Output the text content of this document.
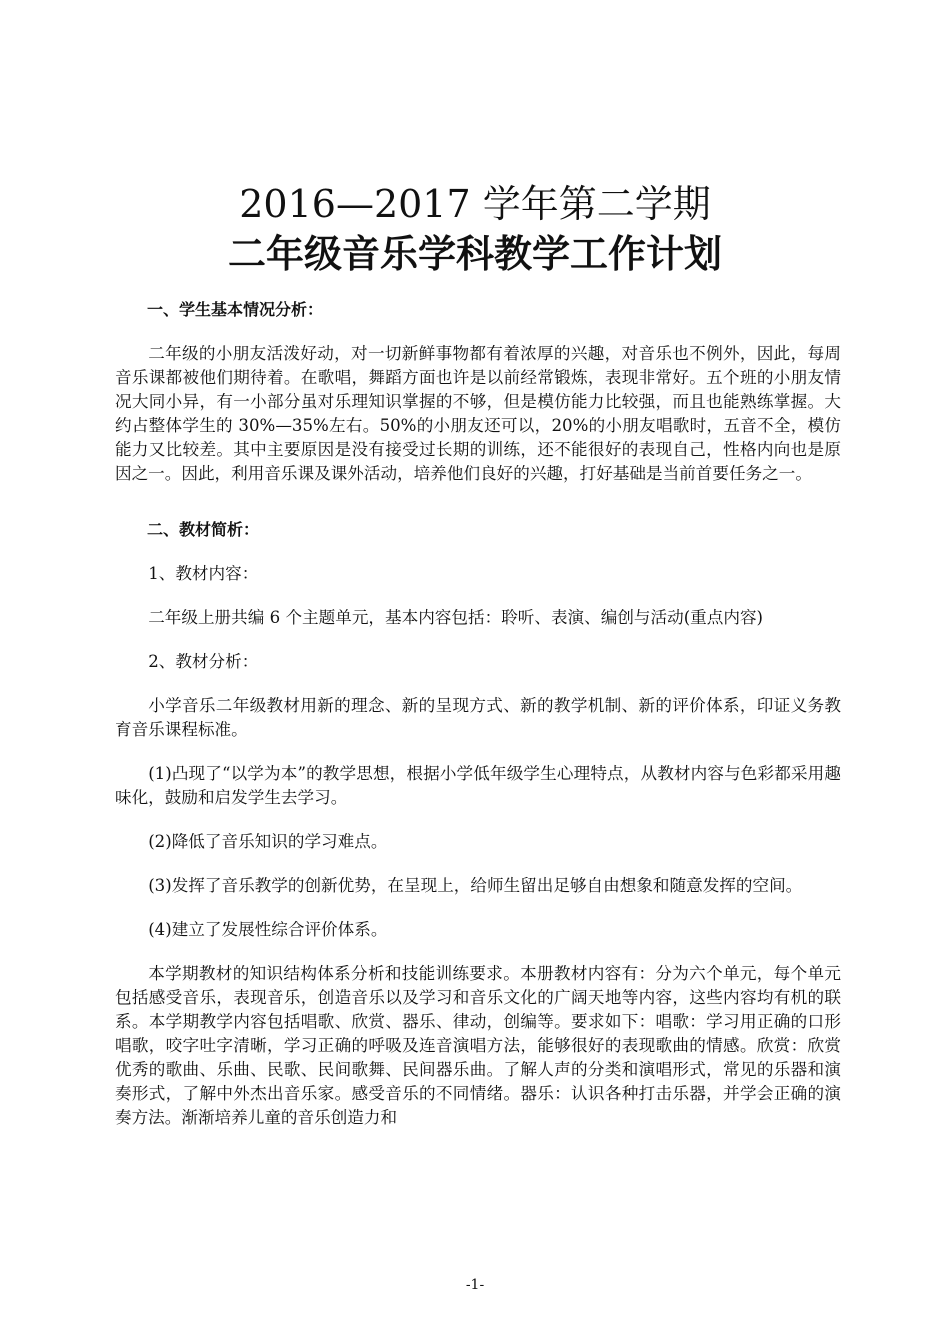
2016—2017 学年第二学期
二年级音乐学科教学工作计划

一、学生基本情况分析：

二年级的小朋友活泼好动，对一切新鲜事物都有着浓厚的兴趣，对音乐也不例外，因此，每周音乐课都被他们期待着。在歌唱，舞蹈方面也许是以前经常锻炼，表现非常好。五个班的小朋友情况大同小异，有一小部分虽对乐理知识掌握的不够，但是模仿能力比较强，而且也能熟练掌握。大约占整体学生的 30%—35%左右。50%的小朋友还可以，20%的小朋友唱歌时，五音不全，模仿能力又比较差。其中主要原因是没有接受过长期的训练，还不能很好的表现自己，性格内向也是原因之一。因此，利用音乐课及课外活动，培养他们良好的兴趣，打好基础是当前首要任务之一。

二、教材简析：

1、教材内容：

二年级上册共编 6 个主题单元，基本内容包括：聆听、表演、编创与活动(重点内容)

2、教材分析：

小学音乐二年级教材用新的理念、新的呈现方式、新的教学机制、新的评价体系，印证义务教育音乐课程标准。

(1)凸现了“以学为本”的教学思想，根据小学低年级学生心理特点，从教材内容与色彩都采用趣味化，鼓励和启发学生去学习。

(2)降低了音乐知识的学习难点。

(3)发挥了音乐教学的创新优势，在呈现上，给师生留出足够自由想象和随意发挥的空间。

(4)建立了发展性综合评价体系。

本学期教材的知识结构体系分析和技能训练要求。本册教材内容有：分为六个单元，每个单元包括感受音乐，表现音乐，创造音乐以及学习和音乐文化的广阔天地等内容，这些内容均有机的联系。本学期教学内容包括唱歌、欣赏、器乐、律动，创编等。要求如下：唱歌：学习用正确的口形唱歌，咬字吐字清晰，学习正确的呼吸及连音演唱方法，能够很好的表现歌曲的情感。欣赏：欣赏优秀的歌曲、乐曲、民歌、民间歌舞、民间器乐曲。了解人声的分类和演唱形式，常见的乐器和演奏形式，了解中外杰出音乐家。感受音乐的不同情绪。器乐：认识各种打击乐器，并学会正确的演奏方法。渐渐培养儿童的音乐创造力和

-1-
